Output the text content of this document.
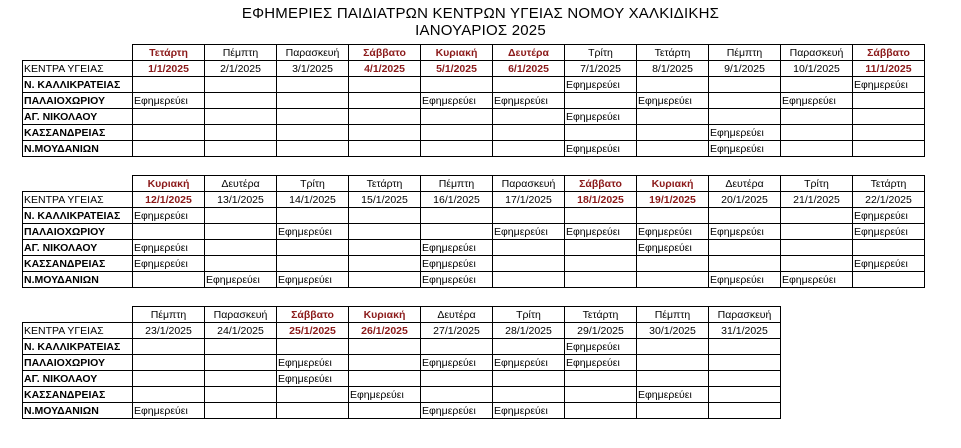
ΕΦΗΜΕΡΙΕΣ ΠΑΙΔΙΑΤΡΩΝ ΚΕΝΤΡΩΝ ΥΓΕΙΑΣ ΝΟΜΟΥ ΧΑΛΚΙΔΙΚΗΣ
ΙΑΝΟΥΑΡΙΟΣ 2025
	Τετάρτη	Πέμπτη	Παρασκευή	Σάββατο	Κυριακή	Δευτέρα	Τρίτη	Τετάρτη	Πέμπτη	Παρασκευή	Σάββατο
ΚΕΝΤΡΑ ΥΓΕΙΑΣ	1/1/2025	2/1/2025	3/1/2025	4/1/2025	5/1/2025	6/1/2025	7/1/2025	8/1/2025	9/1/2025	10/1/2025	11/1/2025
Ν. ΚΑΛΛΙΚΡΑΤΕΙΑΣ							Εφημερεύει				Εφημερεύει
ΠΑΛΑΙΟΧΩΡΙΟΥ	Εφημερεύει				Εφημερεύει	Εφημερεύει		Εφημερεύει		Εφημερεύει	
ΑΓ. ΝΙΚΟΛΑΟΥ							Εφημερεύει				
ΚΑΣΣΑΝΔΡΕΙΑΣ									Εφημερεύει		
Ν.ΜΟΥΔΑΝΙΩΝ							Εφημερεύει		Εφημερεύει		
	Κυριακή	Δευτέρα	Τρίτη	Τετάρτη	Πέμπτη	Παρασκευή	Σάββατο	Κυριακή	Δευτέρα	Τρίτη	Τετάρτη
ΚΕΝΤΡΑ ΥΓΕΙΑΣ	12/1/2025	13/1/2025	14/1/2025	15/1/2025	16/1/2025	17/1/2025	18/1/2025	19/1/2025	20/1/2025	21/1/2025	22/1/2025
Ν. ΚΑΛΛΙΚΡΑΤΕΙΑΣ	Εφημερεύει										Εφημερεύει
ΠΑΛΑΙΟΧΩΡΙΟΥ			Εφημερεύει			Εφημερεύει	Εφημερεύει	Εφημερεύει	Εφημερεύει		Εφημερεύει
ΑΓ. ΝΙΚΟΛΑΟΥ	Εφημερεύει				Εφημερεύει			Εφημερεύει			
ΚΑΣΣΑΝΔΡΕΙΑΣ	Εφημερεύει				Εφημερεύει						Εφημερεύει
Ν.ΜΟΥΔΑΝΙΩΝ		Εφημερεύει	Εφημερεύει		Εφημερεύει				Εφημερεύει	Εφημερεύει	
	Πέμπτη	Παρασκευή	Σάββατο	Κυριακή	Δευτέρα	Τρίτη	Τετάρτη	Πέμπτη	Παρασκευή
ΚΕΝΤΡΑ ΥΓΕΙΑΣ	23/1/2025	24/1/2025	25/1/2025	26/1/2025	27/1/2025	28/1/2025	29/1/2025	30/1/2025	31/1/2025
Ν. ΚΑΛΛΙΚΡΑΤΕΙΑΣ							Εφημερεύει		
ΠΑΛΑΙΟΧΩΡΙΟΥ			Εφημερεύει		Εφημερεύει	Εφημερεύει	Εφημερεύει		
ΑΓ. ΝΙΚΟΛΑΟΥ			Εφημερεύει						
ΚΑΣΣΑΝΔΡΕΙΑΣ				Εφημερεύει				Εφημερεύει	
Ν.ΜΟΥΔΑΝΙΩΝ	Εφημερεύει				Εφημερεύει	Εφημερεύει			
